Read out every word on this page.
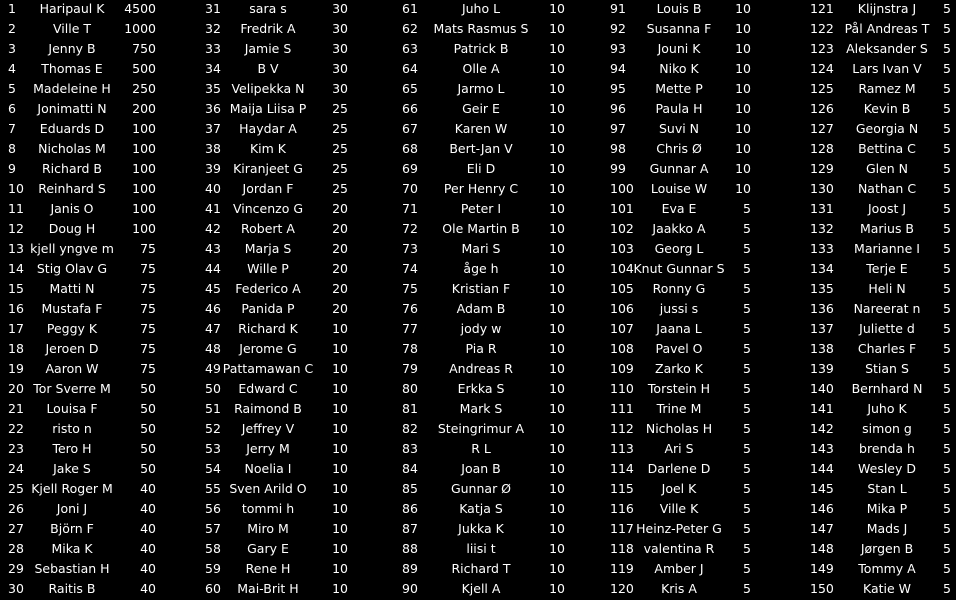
1	Haripaul K	4500
2	Ville T	1000
3	Jenny B	750
4	Thomas E	500
5	Madeleine H	250
6	Jonimatti N	200
7	Eduards D	100
8	Nicholas M	100
9	Richard B	100
10	Reinhard S	100
11	Janis O	100
12	Doug H	100
13 kjell yngve m	75
14	Stig Olav G	75
15	Matti N	75
16	Mustafa F	75
17	Peggy K	75
18	Jeroen D	75
19	Aaron W	75
20 Tor Sverre M	50
21	Louisa F	50
22	risto n	50
23	Tero H	50
24	Jake S	50
25 Kjell Roger M	40
26	Joni J	40
27	Björn F	40
28	Mika K	40
29 Sebastian H	40
30	Raitis B	40
31	sara s	30
32	Fredrik A	30
33	Jamie S	30
34	B V	30
35 Velipekka N	30
36 Maija Liisa P	25
37	Haydar A	25
38	Kim K	25
39 Kiranjeet G	25
40	Jordan F	25
41 Vincenzo G	20
42	Robert A	20
43	Marja S	20
44	Wille P	20
45	Federico A	20
46	Panida P	20
47	Richard K	10
48	Jerome G	10
49 Pattamawan C	10
50	Edward C	10
51	Raimond B	10
52	Jeffrey V	10
53	Jerry M	10
54	Noelia I	10
55 Sven Arild O	10
56	tommi h	10
57	Miro M	10
58	Gary E	10
59	Rene H	10
60	Mai-Brit H	10
61	Juho L	10
62	Mats Rasmus S	10
63	Patrick B	10
64	Olle A	10
65	Jarmo L	10
66	Geir E	10
67	Karen W	10
68	Bert-Jan V	10
69	Eli D	10
70	Per Henry C	10
71	Peter I	10
72	Ole Martin B	10
73	Mari S	10
74	åge h	10
75	Kristian F	10
76	Adam B	10
77	jody w	10
78	Pia R	10
79	Andreas R	10
80	Erkka S	10
81	Mark S	10
82	Steingrimur A	10
83	R L	10
84	Joan B	10
85	Gunnar Ø	10
86	Katja S	10
87	Jukka K	10
88	liisi t	10
89	Richard T	10
90	Kjell A	10
91	Louis B	10
92	Susanna F	10
93	Jouni K	10
94	Niko K	10
95	Mette P	10
96	Paula H	10
97	Suvi N	10
98	Chris Ø	10
99	Gunnar A	10
100	Louise W	10
101	Eva E	5
102	Jaakko A	5
103	Georg L	5
104 Knut Gunnar S	5
105	Ronny G	5
106	jussi s	5
107	Jaana L	5
108	Pavel O	5
109	Zarko K	5
110	Torstein H	5
111	Trine M	5
112 Nicholas H	5
113	Ari S	5
114	Darlene D	5
115	Joel K	5
116	Ville K	5
117 Heinz-Peter G	5
118 valentina R	5
119	Amber J	5
120	Kris A	5
121	Klijnstra J	5
122 Pål Andreas T	5
123 Aleksander S	5
124	Lars Ivan V	5
125	Ramez M	5
126	Kevin B	5
127	Georgia N	5
128	Bettina C	5
129	Glen N	5
130	Nathan C	5
131	Joost J	5
132	Marius B	5
133	Marianne I	5
134	Terje E	5
135	Heli N	5
136	Nareerat n	5
137	Juliette d	5
138	Charles F	5
139	Stian S	5
140	Bernhard N	5
141	Juho K	5
142	simon g	5
143	brenda h	5
144	Wesley D	5
145	Stan L	5
146	Mika P	5
147	Mads J	5
148	Jørgen B	5
149	Tommy A	5
150	Katie W	5
